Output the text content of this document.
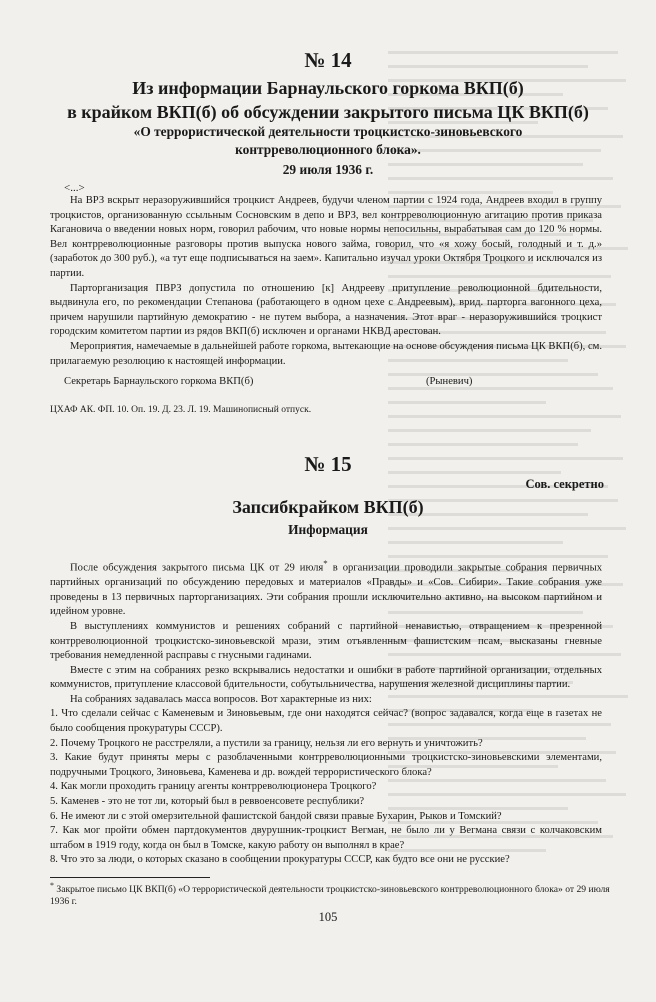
№ 14
Из информации Барнаульского горкома ВКП(б)
в крайком ВКП(б) об обсуждении закрытого письма ЦК ВКП(б)
«О террористической деятельности троцкистско-зиновьевского
контрреволюционного блока».
29 июля 1936 г.
<...>

На ВРЗ вскрыт неразоружившийся троцкист Андреев, будучи членом партии с 1924 года, Андреев входил в группу троцкистов, организованную ссыльным Сосновским в депо и ВРЗ, вел контрреволюционную агитацию против приказа Кагановича о введении новых норм, говорил рабочим, что новые нормы непосильны, вырабатывая сам до 120 % нормы. Вел контрреволюционные разговоры против выпуска нового займа, говорил, что «я хожу босый, голодный и т. д.» (заработок до 300 руб.), «а тут еще подписываться на заем». Капитально изучал уроки Октября Троцкого и исключался из партии.

Парторганизация ПВРЗ допустила по отношению [к] Андрееву притупление революционной бдительности, выдвинула его, по рекомендации Степанова (работающего в одном цехе с Андреевым), врид. парторга вагонного цеха, причем нарушили партийную демократию - не путем выбора, а назначения. Этот враг - неразоружившийся троцкист городским комитетом партии из рядов ВКП(б) исключен и органами НКВД арестован.

Мероприятия, намечаемые в дальнейшей работе горкома, вытекающие на основе обсуждения письма ЦК ВКП(б), см. прилагаемую резолюцию к настоящей информации.

Секретарь Барнаульского горкома ВКП(б)	(Рыневич)
ЦХАФ АК. ФП. 10. Оп. 19. Д. 23. Л. 19. Машинописный отпуск.
№ 15
Сов. секретно
Запсибкрайком ВКП(б)
Информация

После обсуждения закрытого письма ЦК от 29 июля* в организации проводили закрытые собрания первичных партийных организаций по обсуждению передовых и материалов «Правды» и «Сов. Сибири». Такие собрания уже проведены в 13 первичных парторганизациях. Эти собрания прошли исключительно активно, на высоком партийном и идейном уровне.

В выступлениях коммунистов и решениях собраний с партийной ненавистью, отвращением к презренной контрреволюционной троцкистско-зиновьевской мрази, этим отъявленным фашистским псам, высказаны гневные требования немедленной расправы с гнусными гадинами.

Вместе с этим на собраниях резко вскрывались недостатки и ошибки в работе партийной организации, отдельных коммунистов, притупление классовой бдительности, собутыльничества, нарушения железной дисциплины партии.

На собраниях задавалась масса вопросов. Вот характерные из них:

1. Что сделали сейчас с Каменевым и Зиновьевым, где они находятся сейчас? (вопрос задавался, когда еще в газетах не было сообщения прокуратуры СССР).
2. Почему Троцкого не расстреляли, а пустили за границу, нельзя ли его вернуть и уничтожить?
3. Какие будут приняты меры с разоблаченными контрреволюционными троцкистско-зиновьевскими элементами, подручными Троцкого, Зиновьева, Каменева и др. вождей террористического блока?
4. Как могли проходить границу агенты контрреволюционера Троцкого?
5. Каменев - это не тот ли, который был в реввоенсовете республики?
6. Не имеют ли с этой омерзительной фашистской бандой связи правые Бухарин, Рыков и Томский?
7. Как мог пройти обмен партдокументов двурушник-троцкист Вегман, не было ли у Вегмана связи с колчаковским штабом в 1919 году, когда он был в Томске, какую работу он выполнял в крае?
8. Что это за люди, о которых сказано в сообщении прокуратуры СССР, как будто все они не русские?
* Закрытое письмо ЦК ВКП(б) «О террористической деятельности троцкистско-зиновьевского контрреволюционного блока» от 29 июля 1936 г.
105
